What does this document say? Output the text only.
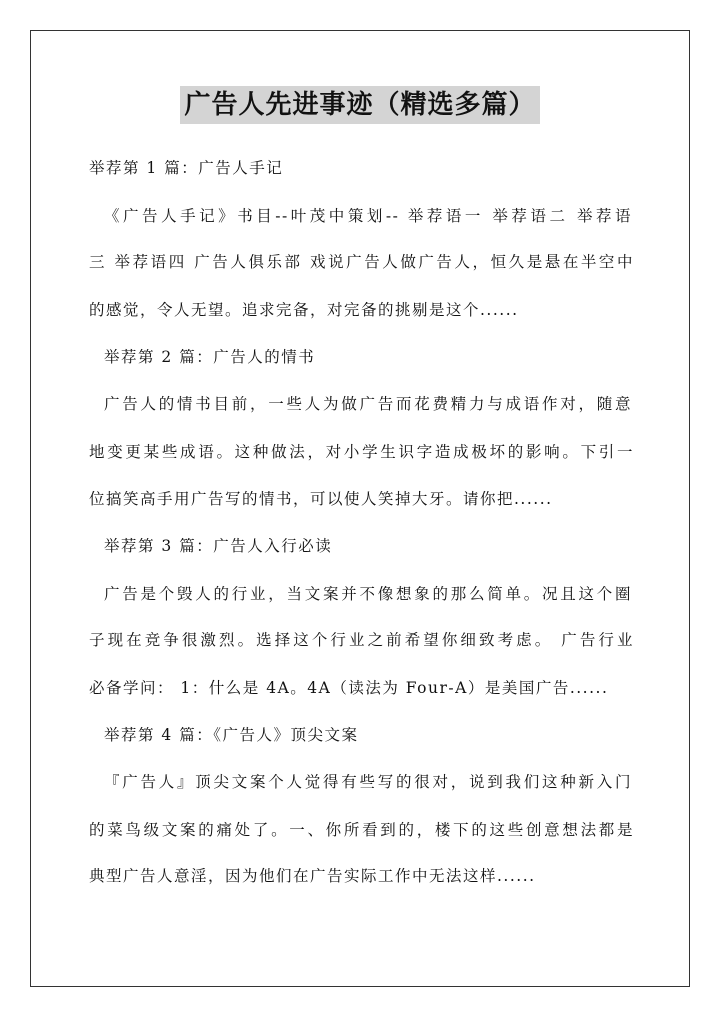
广告人先进事迹（精选多篇）
举荐第 1 篇：广告人手记
《广告人手记》书目--叶茂中策划-- 举荐语一 举荐语二 举荐语
三 举荐语四 广告人俱乐部 戏说广告人做广告人，恒久是悬在半空中
的感觉，令人无望。追求完备，对完备的挑剔是这个......
举荐第 2 篇：广告人的情书
广告人的情书目前，一些人为做广告而花费精力与成语作对，随意
地变更某些成语。这种做法，对小学生识字造成极坏的影响。下引一
位搞笑高手用广告写的情书，可以使人笑掉大牙。请你把......
举荐第 3 篇：广告人入行必读
广告是个毁人的行业，当文案并不像想象的那么简单。况且这个圈
子现在竞争很激烈。选择这个行业之前希望你细致考虑。 广告行业
必备学问： 1：什么是 4A。4A（读法为 Four-A）是美国广告......
举荐第 4 篇：《广告人》顶尖文案
『广告人』顶尖文案个人觉得有些写的很对，说到我们这种新入门
的菜鸟级文案的痛处了。一、你所看到的，楼下的这些创意想法都是
典型广告人意淫，因为他们在广告实际工作中无法这样......
